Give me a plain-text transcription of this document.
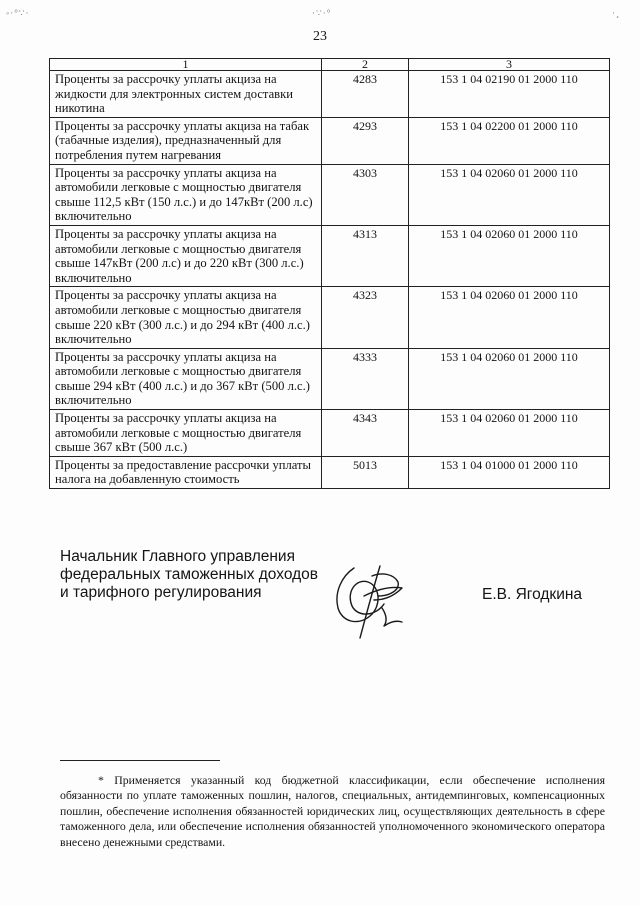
◦·°∵·	·∵·°	·¸
23
1	2	3
Проценты за рассрочку уплаты акциза на жидкости для электронных систем доставки никотина	4283	153 1 04 02190 01 2000 110
Проценты за рассрочку уплаты акциза на табак (табачные изделия), предназначенный для потребления путем нагревания	4293	153 1 04 02200 01 2000 110
Проценты за рассрочку уплаты акциза на автомобили легковые с мощностью двигателя свыше 112,5 кВт (150 л.с.) и до 147кВт (200 л.с) включительно	4303	153 1 04 02060 01 2000 110
Проценты за рассрочку уплаты акциза на автомобили легковые с мощностью двигателя свыше 147кВт (200 л.с) и до 220 кВт (300 л.с.) включительно	4313	153 1 04 02060 01 2000 110
Проценты за рассрочку уплаты акциза на автомобили легковые с мощностью двигателя свыше 220 кВт (300 л.с.) и до 294 кВт (400 л.с.) включительно	4323	153 1 04 02060 01 2000 110
Проценты за рассрочку уплаты акциза на автомобили легковые с мощностью двигателя свыше 294 кВт (400 л.с.) и до 367 кВт (500 л.с.) включительно	4333	153 1 04 02060 01 2000 110
Проценты за рассрочку уплаты акциза на автомобили легковые с мощностью двигателя свыше 367 кВт (500 л.с.)	4343	153 1 04 02060 01 2000 110
Проценты за предоставление рассрочки уплаты налога на добавленную стоимость	5013	153 1 04 01000 01 2000 110
Начальник Главного управления
федеральных таможенных доходов
и тарифного регулирования	Е.В. Ягодкина
* Применяется указанный код бюджетной классификации, если обеспечение исполнения обязанности по уплате таможенных пошлин, налогов, специальных, антидемпинговых, компенсационных пошлин, обеспечение исполнения обязанностей юридических лиц, осуществляющих деятельность в сфере таможенного дела, или обеспечение исполнения обязанностей уполномоченного экономического оператора внесено денежными средствами.
